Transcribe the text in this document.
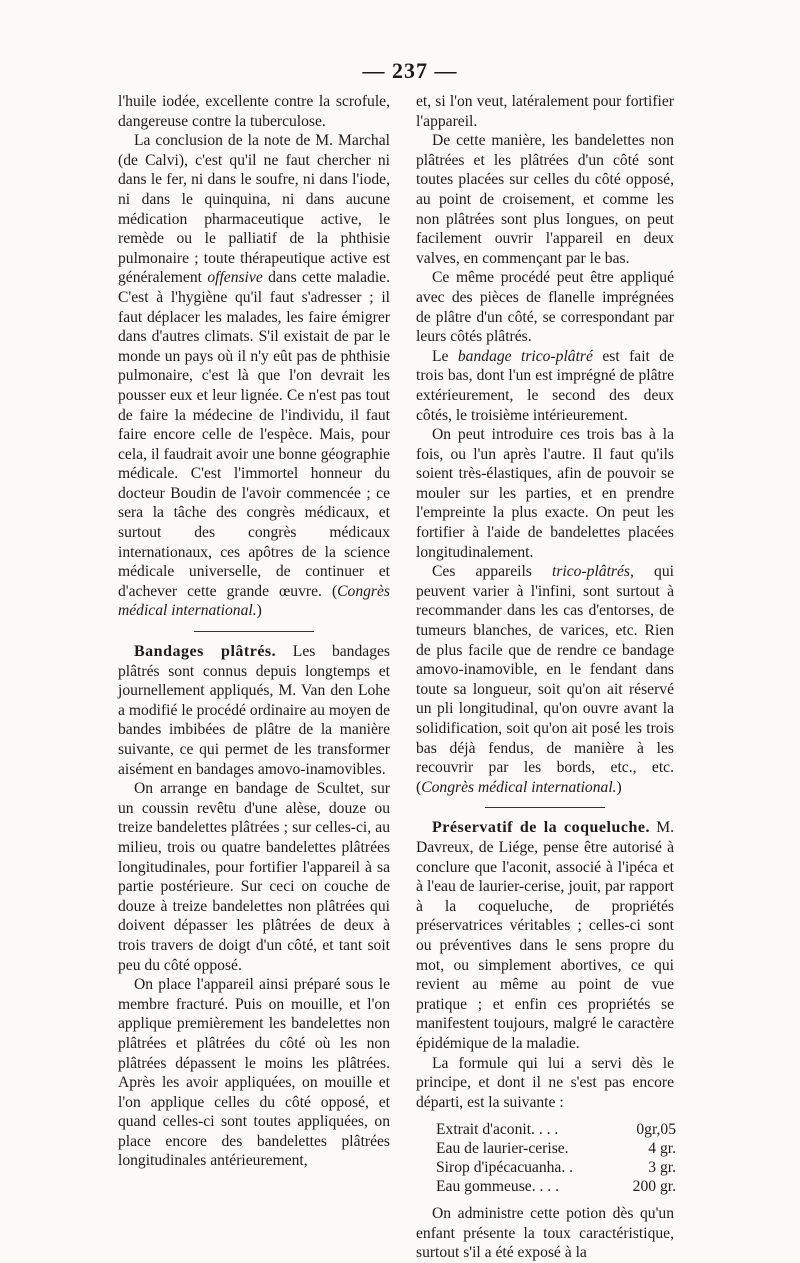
— 237 —

l'huile iodée, excellente contre la scrofule, dangereuse contre la tuberculose.

La conclusion de la note de M. Marchal (de Calvi), c'est qu'il ne faut chercher ni dans le fer, ni dans le soufre, ni dans l'iode, ni dans le quinquina, ni dans aucune médication pharmaceutique active, le remède ou le palliatif de la phthisie pulmonaire ; toute thérapeutique active est généralement offensive dans cette maladie. C'est à l'hygiène qu'il faut s'adresser ; il faut déplacer les malades, les faire émigrer dans d'autres climats. S'il existait de par le monde un pays où il n'y eût pas de phthisie pulmonaire, c'est là que l'on devrait les pousser eux et leur lignée. Ce n'est pas tout de faire la médecine de l'individu, il faut faire encore celle de l'espèce. Mais, pour cela, il faudrait avoir une bonne géographie médicale. C'est l'immortel honneur du docteur Boudin de l'avoir commencée ; ce sera la tâche des congrès médicaux, et surtout des congrès médicaux internationaux, ces apôtres de la science médicale universelle, de continuer et d'achever cette grande œuvre. (Congrès médical international.)

Bandages plâtrés. Les bandages plâtrés sont connus depuis longtemps et journellement appliqués, M. Van den Lohe a modifié le procédé ordinaire au moyen de bandes imbibées de plâtre de la manière suivante, ce qui permet de les transformer aisément en bandages amovo-inamovibles.

On arrange en bandage de Scultet, sur un coussin revêtu d'une alèse, douze ou treize bandelettes plâtrées ; sur celles-ci, au milieu, trois ou quatre bandelettes plâtrées longitudinales, pour fortifier l'appareil à sa partie postérieure. Sur ceci on couche de douze à treize bandelettes non plâtrées qui doivent dépasser les plâtrées de deux à trois travers de doigt d'un côté, et tant soit peu du côté opposé.

On place l'appareil ainsi préparé sous le membre fracturé. Puis on mouille, et l'on applique premièrement les bandelettes non plâtrées et plâtrées du côté où les non plâtrées dépassent le moins les plâtrées. Après les avoir appliquées, on mouille et l'on applique celles du côté opposé, et quand celles-ci sont toutes appliquées, on place encore des bandelettes plâtrées longitudinales antérieurement,

et, si l'on veut, latéralement pour fortifier l'appareil.

De cette manière, les bandelettes non plâtrées et les plâtrées d'un côté sont toutes placées sur celles du côté opposé, au point de croisement, et comme les non plâtrées sont plus longues, on peut facilement ouvrir l'appareil en deux valves, en commençant par le bas.

Ce même procédé peut être appliqué avec des pièces de flanelle imprégnées de plâtre d'un côté, se correspondant par leurs côtés plâtrés.

Le bandage trico-plâtré est fait de trois bas, dont l'un est imprégné de plâtre extérieurement, le second des deux côtés, le troisième intérieurement.

On peut introduire ces trois bas à la fois, ou l'un après l'autre. Il faut qu'ils soient très-élastiques, afin de pouvoir se mouler sur les parties, et en prendre l'empreinte la plus exacte. On peut les fortifier à l'aide de bandelettes placées longitudinalement.

Ces appareils trico-plâtrés, qui peuvent varier à l'infini, sont surtout à recommander dans les cas d'entorses, de tumeurs blanches, de varices, etc. Rien de plus facile que de rendre ce bandage amovo-inamovible, en le fendant dans toute sa longueur, soit qu'on ait réservé un pli longitudinal, qu'on ouvre avant la solidification, soit qu'on ait posé les trois bas déjà fendus, de manière à les recouvrir par les bords, etc., etc. (Congrès médical international.)

Préservatif de la coqueluche. M. Davreux, de Liége, pense être autorisé à conclure que l'aconit, associé à l'ipéca et à l'eau de laurier-cerise, jouit, par rapport à la coqueluche, de propriétés préservatrices véritables ; celles-ci sont ou préventives dans le sens propre du mot, ou simplement abortives, ce qui revient au même au point de vue pratique ; et enfin ces propriétés se manifestent toujours, malgré le caractère épidémique de la maladie.

La formule qui lui a servi dès le principe, et dont il ne s'est pas encore départi, est la suivante :

Extrait d'aconit. . . .	0gr,05
Eau de laurier-cerise.	4 gr.
Sirop d'ipécacuanha. .	3 gr.
Eau gommeuse. . . .	200 gr.

On administre cette potion dès qu'un enfant présente la toux caractéristique, surtout s'il a été exposé à la
